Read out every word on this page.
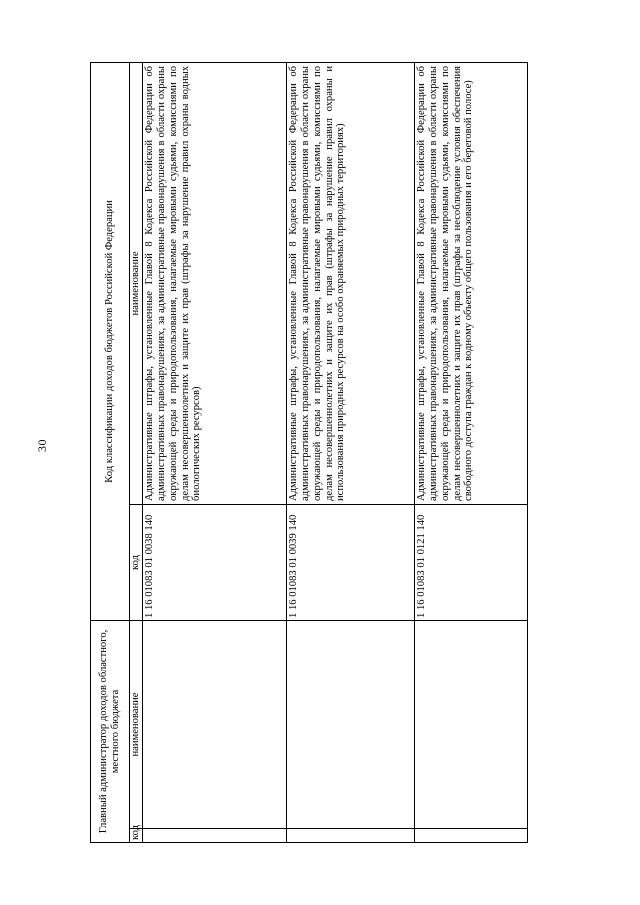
30
Главный администратор доходов областного, местного бюджета		Код классификации доходов бюджетов Российской Федерации	
код	наименование	код	наименование
		1 16 01083 01 0038 140	Административные штрафы, установленные Главой 8 Кодекса Российской Федерации об административных правонарушениях, за административные правонарушения в области охраны окружающей среды и природопользования, налагаемые мировыми судьями, комиссиями по делам несовершеннолетних и защите их прав (штрафы за нарушение правил охраны водных биологических ресурсов)
		1 16 01083 01 0039 140	Административные штрафы, установленные Главой 8 Кодекса Российской Федерации об административных правонарушениях, за административные правонарушения в области охраны окружающей среды и природопользования, налагаемые мировыми судьями, комиссиями по делам несовершеннолетних и защите их прав (штрафы за нарушение правил охраны и использования природных ресурсов на особо охраняемых природных территориях)
		1 16 01083 01 0121 140	Административные штрафы, установленные Главой 8 Кодекса Российской Федерации об административных правонарушениях, за административные правонарушения в области охраны окружающей среды и природопользования, налагаемые мировыми судьями, комиссиями по делам несовершеннолетних и защите их прав (штрафы за несоблюдение условия обеспечения свободного доступа граждан к водному объекту общего пользования и его береговой полосе)
